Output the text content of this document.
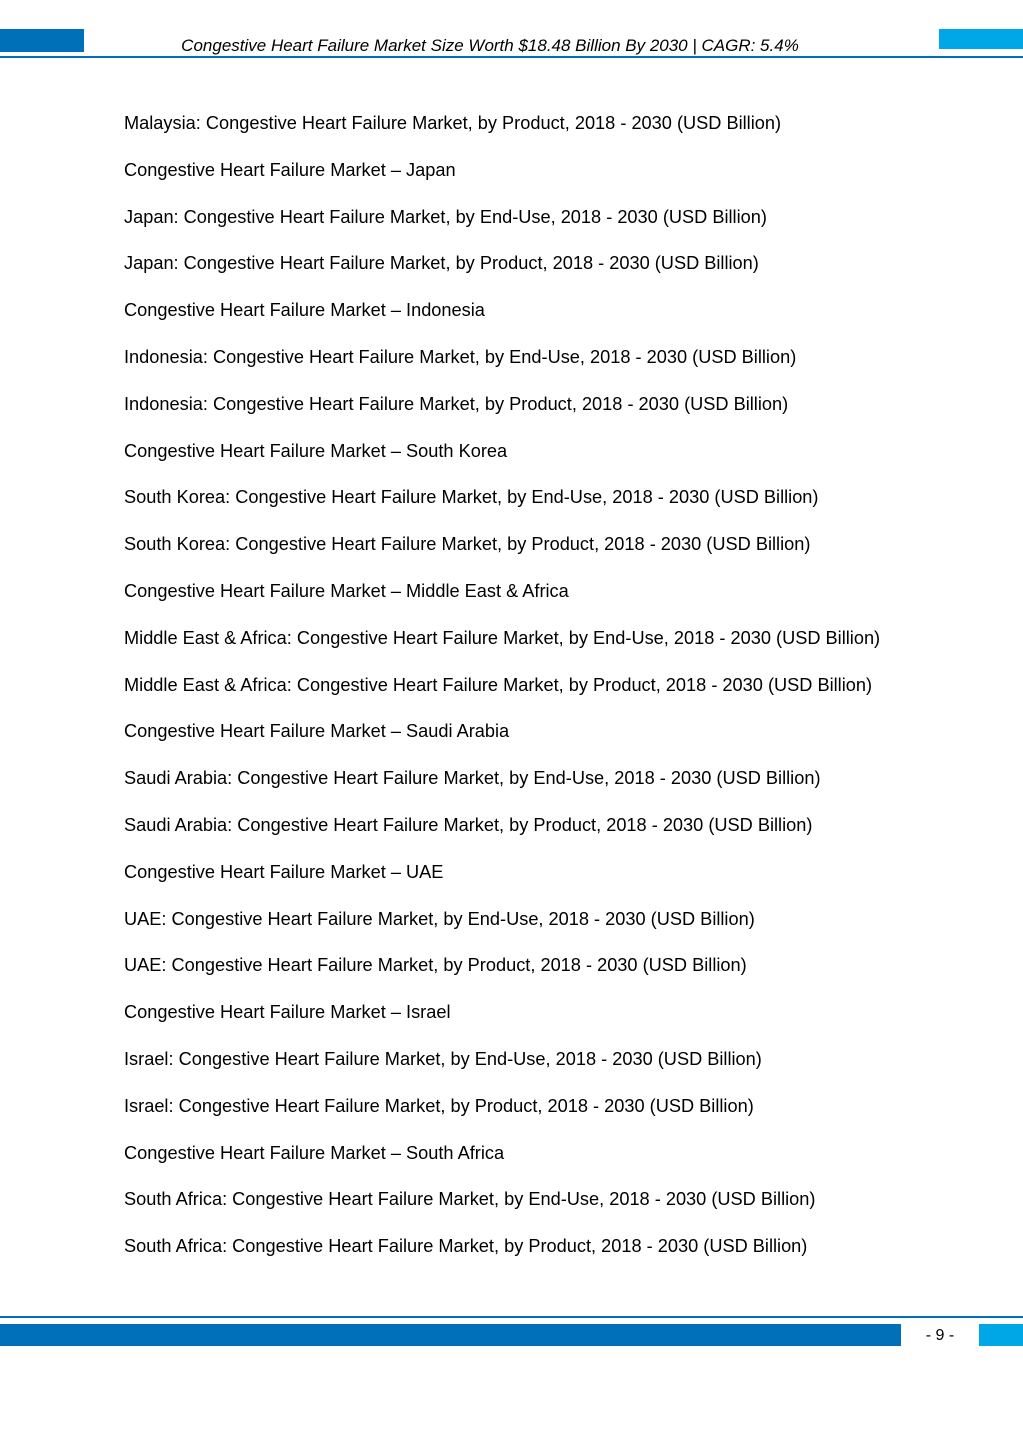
Congestive Heart Failure Market Size Worth $18.48 Billion By 2030 | CAGR: 5.4%
Malaysia: Congestive Heart Failure Market, by Product, 2018 - 2030 (USD Billion)
Congestive Heart Failure Market – Japan
Japan: Congestive Heart Failure Market, by End-Use, 2018 - 2030 (USD Billion)
Japan: Congestive Heart Failure Market, by Product, 2018 - 2030 (USD Billion)
Congestive Heart Failure Market – Indonesia
Indonesia: Congestive Heart Failure Market, by End-Use, 2018 - 2030 (USD Billion)
Indonesia: Congestive Heart Failure Market, by Product, 2018 - 2030 (USD Billion)
Congestive Heart Failure Market – South Korea
South Korea: Congestive Heart Failure Market, by End-Use, 2018 - 2030 (USD Billion)
South Korea: Congestive Heart Failure Market, by Product, 2018 - 2030 (USD Billion)
Congestive Heart Failure Market – Middle East & Africa
Middle East & Africa: Congestive Heart Failure Market, by End-Use, 2018 - 2030 (USD Billion)
Middle East & Africa: Congestive Heart Failure Market, by Product, 2018 - 2030 (USD Billion)
Congestive Heart Failure Market – Saudi Arabia
Saudi Arabia: Congestive Heart Failure Market, by End-Use, 2018 - 2030 (USD Billion)
Saudi Arabia: Congestive Heart Failure Market, by Product, 2018 - 2030 (USD Billion)
Congestive Heart Failure Market – UAE
UAE: Congestive Heart Failure Market, by End-Use, 2018 - 2030 (USD Billion)
UAE: Congestive Heart Failure Market, by Product, 2018 - 2030 (USD Billion)
Congestive Heart Failure Market – Israel
Israel: Congestive Heart Failure Market, by End-Use, 2018 - 2030 (USD Billion)
Israel: Congestive Heart Failure Market, by Product, 2018 - 2030 (USD Billion)
Congestive Heart Failure Market – South Africa
South Africa: Congestive Heart Failure Market, by End-Use, 2018 - 2030 (USD Billion)
South Africa: Congestive Heart Failure Market, by Product, 2018 - 2030 (USD Billion)
- 9 -
